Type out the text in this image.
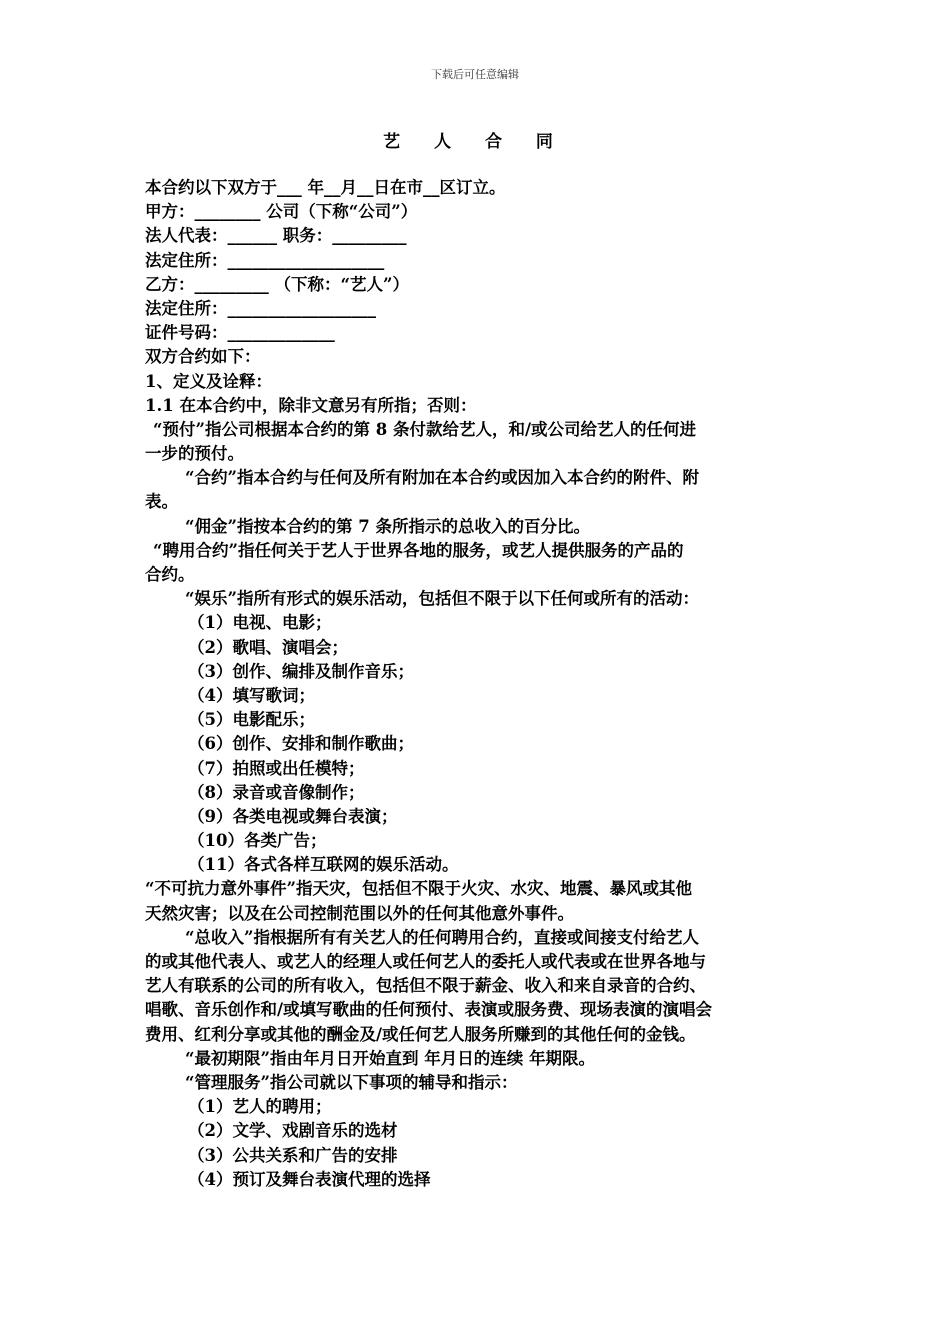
下载后可任意编辑
艺 人 合 同
本合约以下双方于___ 年__月__日在市__区订立。
甲方：________ 公司（下称“公司”）
法人代表：______ 职务：_________
法定住所：___________________
乙方：_________ （下称：“艺人”）
法定住所：__________________
证件号码：_____________
双方合约如下：
1、定义及诠释：
1.1 在本合约中，除非文意另有所指；否则：
“预付”指公司根据本合约的第 8 条付款给艺人，和/或公司给艺人的任何进
一步的预付。
“合约”指本合约与任何及所有附加在本合约或因加入本合约的附件、附
表。
“佣金”指按本合约的第 7 条所指示的总收入的百分比。
“聘用合约”指任何关于艺人于世界各地的服务，或艺人提供服务的产品的
合约。
“娱乐”指所有形式的娱乐活动，包括但不限于以下任何或所有的活动：
（1）电视、电影；
（2）歌唱、演唱会；
（3）创作、编排及制作音乐；
（4）填写歌词；
（5）电影配乐；
（6）创作、安排和制作歌曲；
（7）拍照或出任模特；
（8）录音或音像制作；
（9）各类电视或舞台表演；
（10）各类广告；
（11）各式各样互联网的娱乐活动。
“不可抗力意外事件”指天灾，包括但不限于火灾、水灾、地震、暴风或其他
天然灾害；以及在公司控制范围以外的任何其他意外事件。
“总收入”指根据所有有关艺人的任何聘用合约，直接或间接支付给艺人
的或其他代表人、或艺人的经理人或任何艺人的委托人或代表或在世界各地与
艺人有联系的公司的所有收入，包括但不限于薪金、收入和来自录音的合约、
唱歌、音乐创作和/或填写歌曲的任何预付、表演或服务费、现场表演的演唱会
费用、红利分享或其他的酬金及/或任何艺人服务所赚到的其他任何的金钱。
“最初期限”指由年月日开始直到 年月日的连续 年期限。
“管理服务”指公司就以下事项的辅导和指示：
（1）艺人的聘用；
（2）文学、戏剧音乐的选材
（3）公共关系和广告的安排
（4）预订及舞台表演代理的选择
